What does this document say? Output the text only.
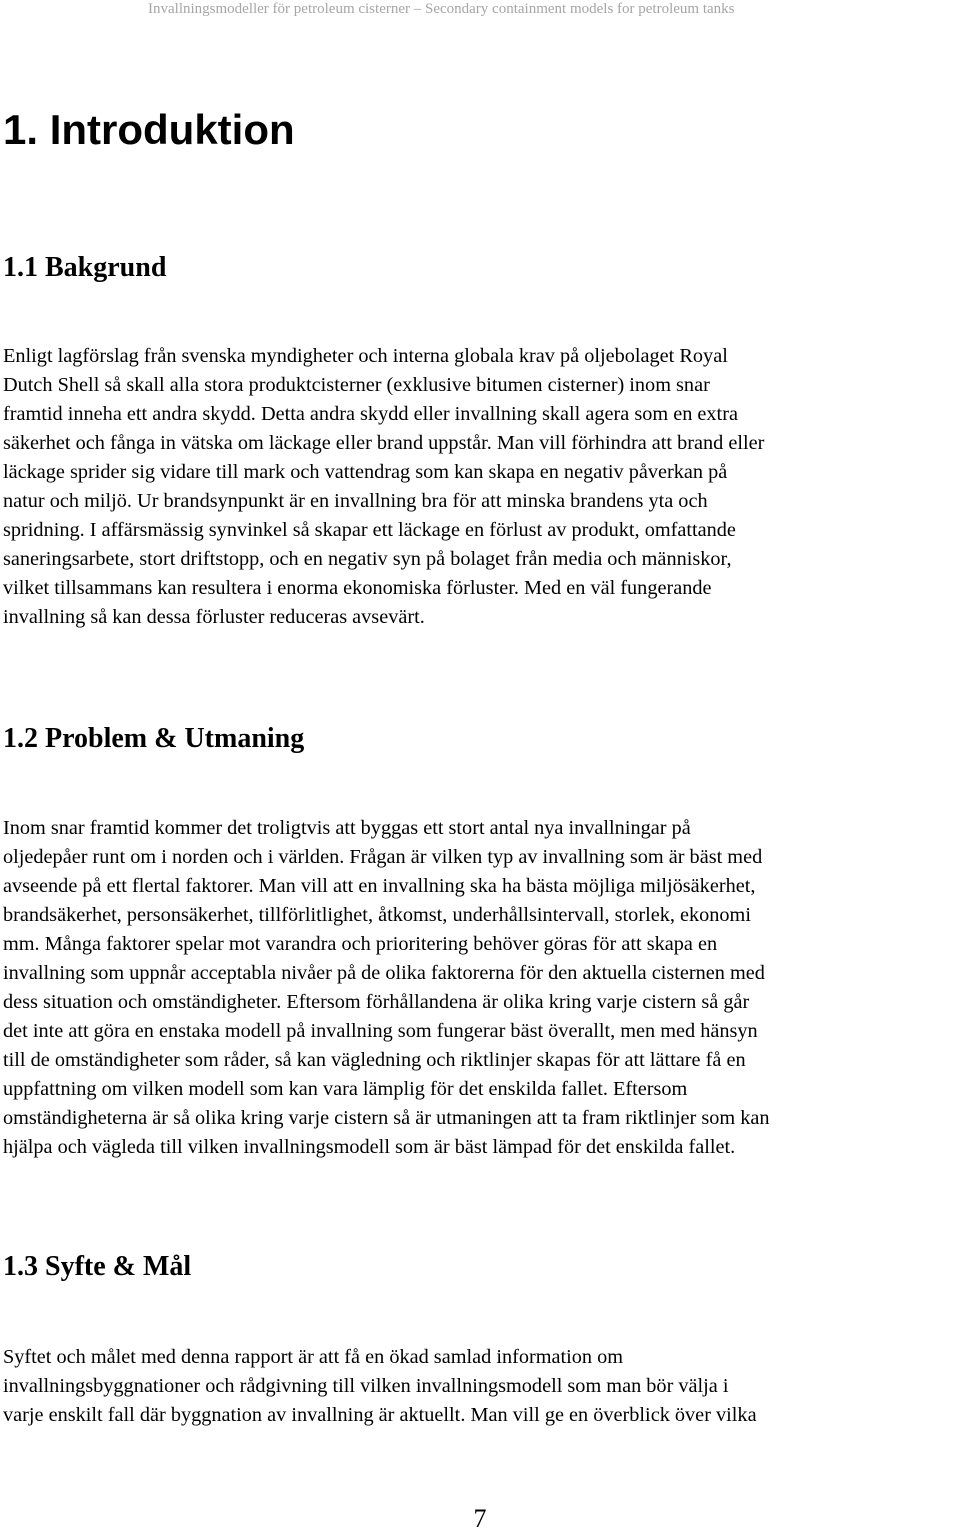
Invallningsmodeller för petroleum cisterner – Secondary containment models for petroleum tanks
1. Introduktion
1.1 Bakgrund
Enligt lagförslag från svenska myndigheter och interna globala krav på oljebolaget Royal
Dutch Shell så skall alla stora produktcisterner (exklusive bitumen cisterner) inom snar
framtid inneha ett andra skydd. Detta andra skydd eller invallning skall agera som en extra
säkerhet och fånga in vätska om läckage eller brand uppstår. Man vill förhindra att brand eller
läckage sprider sig vidare till mark och vattendrag som kan skapa en negativ påverkan på
natur och miljö. Ur brandsynpunkt är en invallning bra för att minska brandens yta och
spridning. I affärsmässig synvinkel så skapar ett läckage en förlust av produkt, omfattande
saneringsarbete, stort driftstopp, och en negativ syn på bolaget från media och människor,
vilket tillsammans kan resultera i enorma ekonomiska förluster. Med en väl fungerande
invallning så kan dessa förluster reduceras avsevärt.
1.2 Problem & Utmaning
Inom snar framtid kommer det troligtvis att byggas ett stort antal nya invallningar på
oljedepåer runt om i norden och i världen. Frågan är vilken typ av invallning som är bäst med
avseende på ett flertal faktorer. Man vill att en invallning ska ha bästa möjliga miljösäkerhet,
brandsäkerhet, personsäkerhet, tillförlitlighet, åtkomst, underhållsintervall, storlek, ekonomi
mm. Många faktorer spelar mot varandra och prioritering behöver göras för att skapa en
invallning som uppnår acceptabla nivåer på de olika faktorerna för den aktuella cisternen med
dess situation och omständigheter. Eftersom förhållandena är olika kring varje cistern så går
det inte att göra en enstaka modell på invallning som fungerar bäst överallt, men med hänsyn
till de omständigheter som råder, så kan vägledning och riktlinjer skapas för att lättare få en
uppfattning om vilken modell som kan vara lämplig för det enskilda fallet. Eftersom
omständigheterna är så olika kring varje cistern så är utmaningen att ta fram riktlinjer som kan
hjälpa och vägleda till vilken invallningsmodell som är bäst lämpad för det enskilda fallet.
1.3 Syfte & Mål
Syftet och målet med denna rapport är att få en ökad samlad information om
invallningsbyggnationer och rådgivning till vilken invallningsmodell som man bör välja i
varje enskilt fall där byggnation av invallning är aktuellt. Man vill ge en överblick över vilka
7
